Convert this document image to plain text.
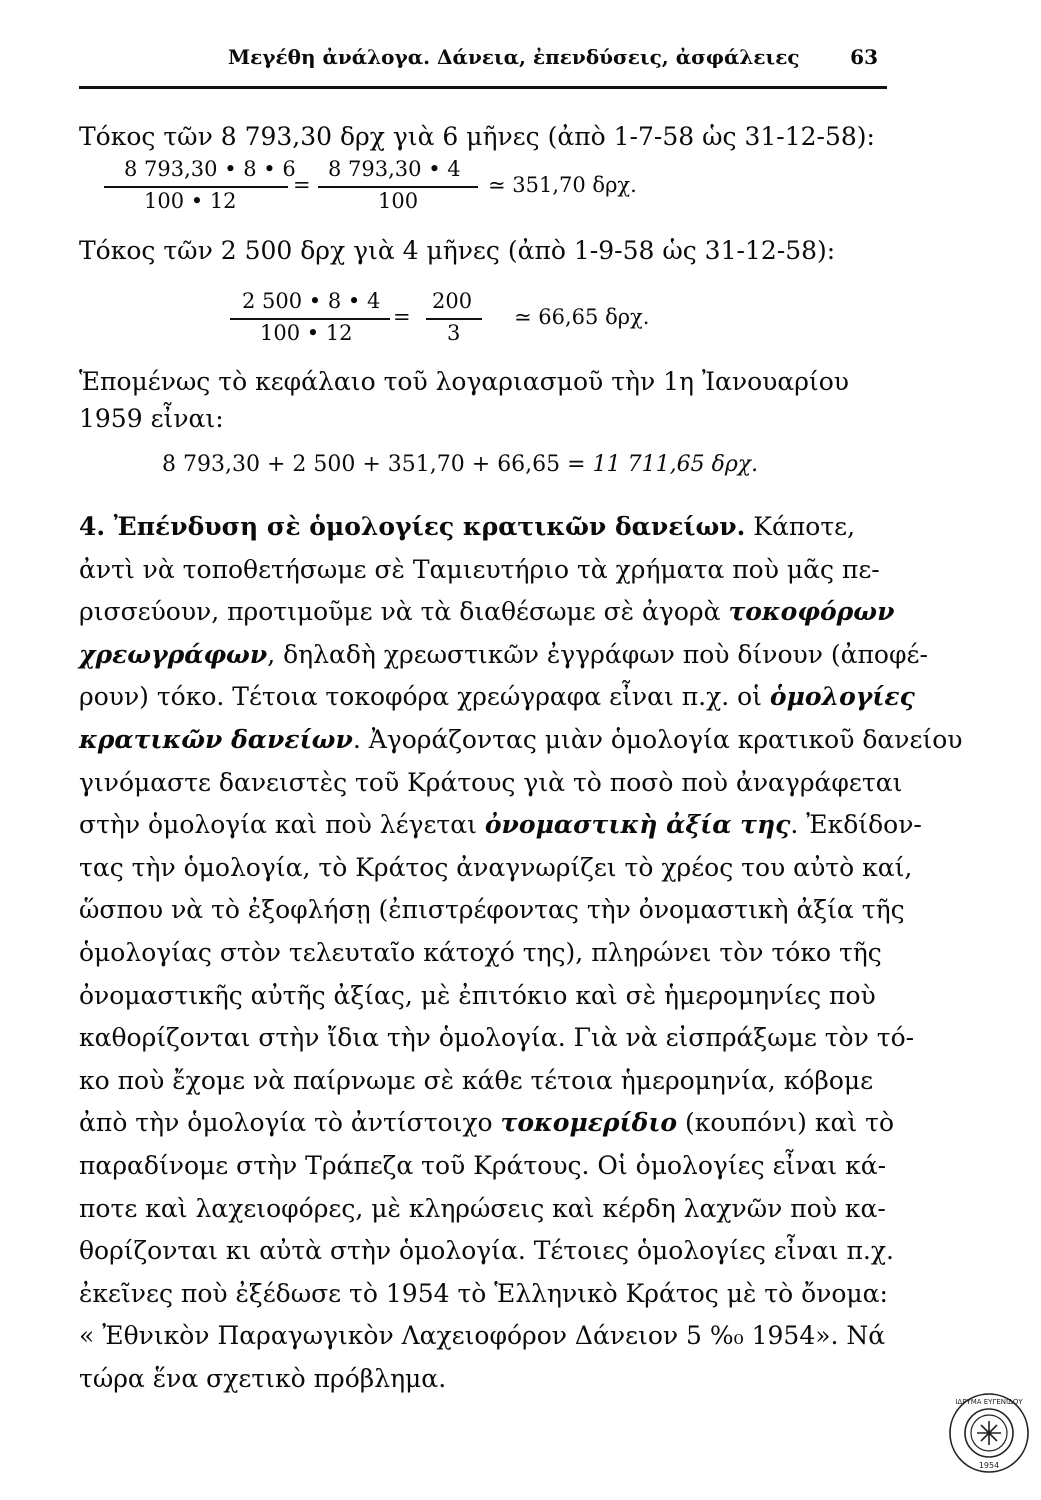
Μεγέθη ἀνάλογα. Δάνεια, ἐπενδύσεις, ἀσφάλειες	63
Τόκος τῶν 8 793,30 δρχ γιὰ 6 μῆνες (ἀπὸ 1-7-58 ὡς 31-12-58):
8 793,30 • 8 • 6
100 • 12
=
8 793,30 • 4
100
≃ 351,70 δρχ.
Τόκος τῶν 2 500 δρχ γιὰ 4 μῆνες (ἀπὸ 1-9-58 ὡς 31-12-58):
2 500 • 8 • 4
100 • 12
=
200
3
≃ 66,65 δρχ.
Ἑπομένως τὸ κεφάλαιο τοῦ λογαριασμοῦ τὴν 1η Ἰανουαρίου
1959 εἶναι:
8 793,30 + 2 500 + 351,70 + 66,65 = 11 711,65 δρχ.
4. Ἐπένδυση σὲ ὁμολογίες κρατικῶν δανείων. Κάποτε,
ἀντὶ νὰ τοποθετήσωμε σὲ Ταμιευτήριο τὰ χρήματα ποὺ μᾶς πε-
ρισσεύουν, προτιμοῦμε νὰ τὰ διαθέσωμε σὲ ἀγορὰ τοκοφόρων
χρεωγράφων, δηλαδὴ χρεωστικῶν ἐγγράφων ποὺ δίνουν (ἀποφέ-
ρουν) τόκο. Τέτοια τοκοφόρα χρεώγραφα εἶναι π.χ. οἱ ὁμολογίες
κρατικῶν δανείων. Ἀγοράζοντας μιὰν ὁμολογία κρατικοῦ δανείου
γινόμαστε δανειστὲς τοῦ Κράτους γιὰ τὸ ποσὸ ποὺ ἀναγράφεται
στὴν ὁμολογία καὶ ποὺ λέγεται ὀνομαστικὴ ἀξία της. Ἐκδίδον-
τας τὴν ὁμολογία, τὸ Κράτος ἀναγνωρίζει τὸ χρέος του αὐτὸ καί,
ὥσπου νὰ τὸ ἐξοφλήσῃ (ἐπιστρέφοντας τὴν ὀνομαστικὴ ἀξία τῆς
ὁμολογίας στὸν τελευταῖο κάτοχό της), πληρώνει τὸν τόκο τῆς
ὀνομαστικῆς αὐτῆς ἀξίας, μὲ ἐπιτόκιο καὶ σὲ ἡμερομηνίες ποὺ
καθορίζονται στὴν ἴδια τὴν ὁμολογία. Γιὰ νὰ εἰσπράξωμε τὸν τό-
κο ποὺ ἔχομε νὰ παίρνωμε σὲ κάθε τέτοια ἡμερομηνία, κόβομε
ἀπὸ τὴν ὁμολογία τὸ ἀντίστοιχο τοκομερίδιο (κουπόνι) καὶ τὸ
παραδίνομε στὴν Τράπεζα τοῦ Κράτους. Οἱ ὁμολογίες εἶναι κά-
ποτε καὶ λαχειοφόρες, μὲ κληρώσεις καὶ κέρδη λαχνῶν ποὺ κα-
θορίζονται κι αὐτὰ στὴν ὁμολογία. Τέτοιες ὁμολογίες εἶναι π.χ.
ἐκεῖνες ποὺ ἐξέδωσε τὸ 1954 τὸ Ἑλληνικὸ Κράτος μὲ τὸ ὄνομα:
« Ἐθνικὸν Παραγωγικὸν Λαχειοφόρον Δάνειον 5 %₀ 1954». Νά
τώρα ἕνα σχετικὸ πρόβλημα.
ΙΔΡΥΜΑ ΕΥΓΕΝΙΔΟΥ
1954
